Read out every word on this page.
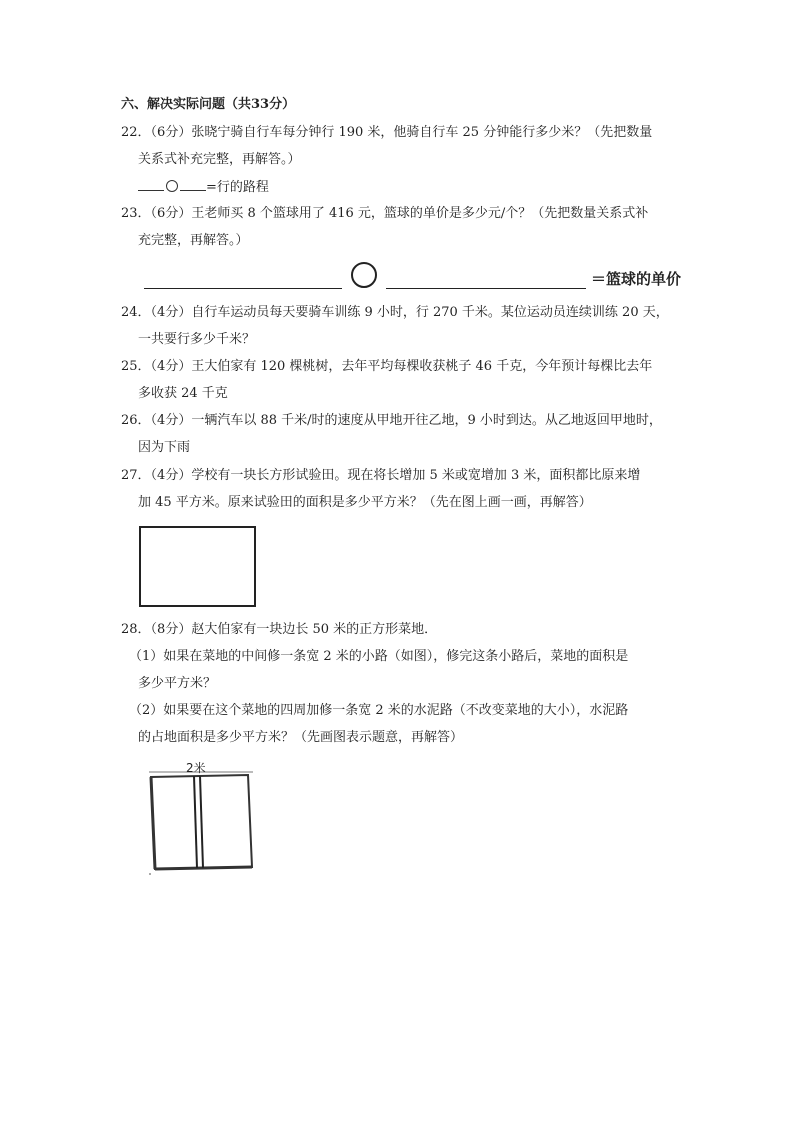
六、解决实际问题（共33分）
22．（6分）张晓宁骑自行车每分钟行 190 米，他骑自行车 25 分钟能行多少米？（先把数量
关系式补充完整，再解答。）
=行的路程
23．（6分）王老师买 8 个篮球用了 416 元，篮球的单价是多少元/个？（先把数量关系式补
充完整，再解答。）
＝篮球的单价
24．（4分）自行车运动员每天要骑车训练 9 小时，行 270 千米。某位运动员连续训练 20 天，
一共要行多少千米？
25．（4分）王大伯家有 120 棵桃树，去年平均每棵收获桃子 46 千克，今年预计每棵比去年
多收获 24 千克
26．（4分）一辆汽车以 88 千米/时的速度从甲地开往乙地，9 小时到达。从乙地返回甲地时，
因为下雨
27．（4分）学校有一块长方形试验田。现在将长增加 5 米或宽增加 3 米，面积都比原来增
加 45 平方米。原来试验田的面积是多少平方米？（先在图上画一画，再解答）
28．（8分）赵大伯家有一块边长 50 米的正方形菜地．
（1）如果在菜地的中间修一条宽 2 米的小路（如图），修完这条小路后，菜地的面积是
多少平方米？
（2）如果要在这个菜地的四周加修一条宽 2 米的水泥路（不改变菜地的大小），水泥路
的占地面积是多少平方米？（先画图表示题意，再解答）
2米
